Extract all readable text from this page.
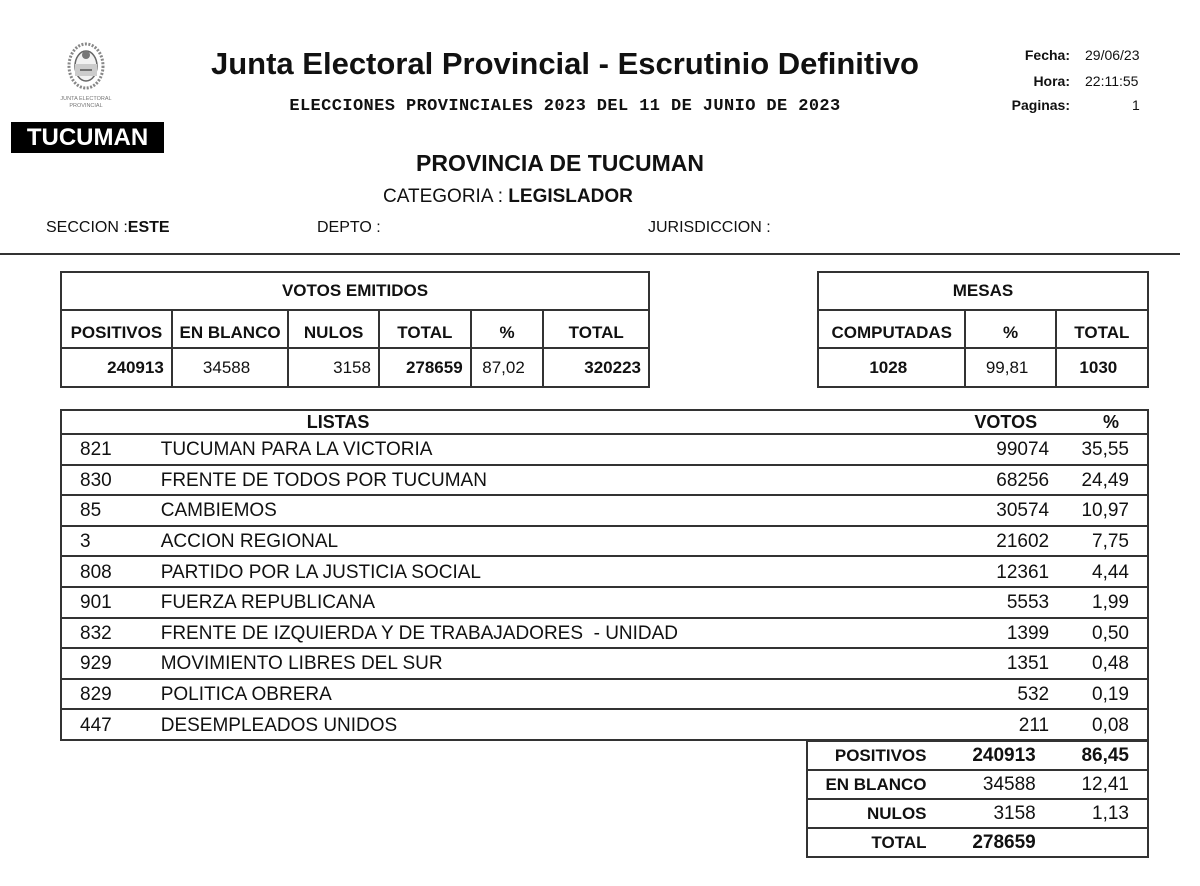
JUNTA ELECTORAL
PROVINCIAL
TUCUMAN
Junta Electoral Provincial - Escrutinio Definitivo
ELECCIONES PROVINCIALES 2023 DEL 11 DE JUNIO DE 2023
Fecha: 29/06/23
Hora: 22:11:55
Paginas:	1
PROVINCIA DE TUCUMAN
CATEGORIA : LEGISLADOR
SECCION :ESTE	DEPTO :	JURISDICCION :
VOTOS EMITIDOS					
POSITIVOS	EN BLANCO	NULOS	TOTAL	%	TOTAL
240913	34588	3158	278659	87,02	320223
MESAS		
COMPUTADAS	%	TOTAL
1028	99,81	1030
	LISTAS	VOTOS	%
821	TUCUMAN PARA LA VICTORIA	99074	35,55
830	FRENTE DE TODOS POR TUCUMAN	68256	24,49
85	CAMBIEMOS	30574	10,97
3	ACCION REGIONAL	21602	7,75
808	PARTIDO POR LA JUSTICIA SOCIAL	12361	4,44
901	FUERZA REPUBLICANA	5553	1,99
832	FRENTE DE IZQUIERDA Y DE TRABAJADORES  - UNIDAD	1399	0,50
929	MOVIMIENTO LIBRES DEL SUR	1351	0,48
829	POLITICA OBRERA	532	0,19
447	DESEMPLEADOS UNIDOS	211	0,08
POSITIVOS	240913	86,45
EN BLANCO	34588	12,41
NULOS	3158	1,13
TOTAL	278659	
